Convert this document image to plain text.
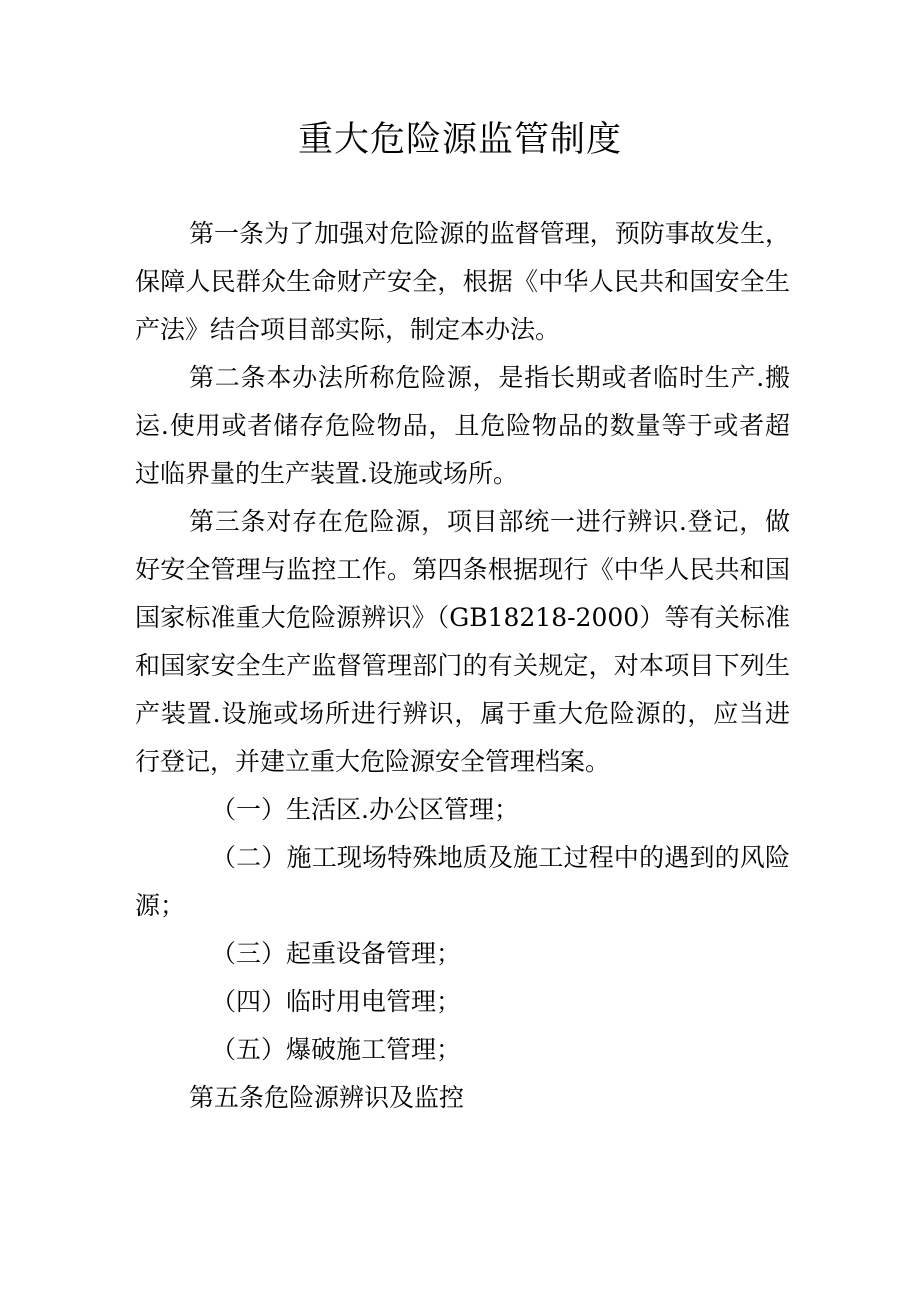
重大危险源监管制度

第一条为了加强对危险源的监督管理，预防事故发生，保障人民群众生命财产安全，根据《中华人民共和国安全生产法》结合项目部实际，制定本办法。

第二条本办法所称危险源，是指长期或者临时生产.搬运.使用或者储存危险物品，且危险物品的数量等于或者超过临界量的生产装置.设施或场所。

第三条对存在危险源，项目部统一进行辨识.登记，做好安全管理与监控工作。第四条根据现行《中华人民共和国国家标准重大危险源辨识》（GB18218-2000）等有关标准和国家安全生产监督管理部门的有关规定，对本项目下列生产装置.设施或场所进行辨识，属于重大危险源的，应当进行登记，并建立重大危险源安全管理档案。

（一）生活区.办公区管理；

（二）施工现场特殊地质及施工过程中的遇到的风险源；

（三）起重设备管理；

（四）临时用电管理；

（五）爆破施工管理；

第五条危险源辨识及监控
